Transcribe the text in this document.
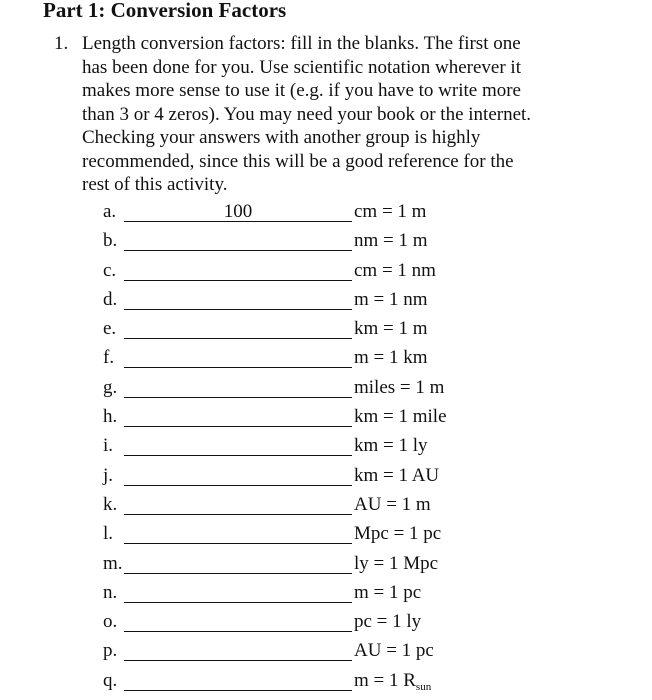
Part 1: Conversion Factors
1. Length conversion factors: fill in the blanks. The first one
has been done for you. Use scientific notation wherever it
makes more sense to use it (e.g. if you have to write more
than 3 or 4 zeros). You may need your book or the internet.
Checking your answers with another group is highly
recommended, since this will be a good reference for the
rest of this activity.
a.	100	cm = 1 m
b.	nm = 1 m
c.	cm = 1 nm
d.	m = 1 nm
e.	km = 1 m
f.	m = 1 km
g.	miles = 1 m
h.	km = 1 mile
i.	km = 1 ly
j.	km = 1 AU
k.	AU = 1 m
l.	Mpc = 1 pc
m.	ly = 1 Mpc
n.	m = 1 pc
o.	pc = 1 ly
p.	AU = 1 pc
q.	m = 1 $R_{sun}$
